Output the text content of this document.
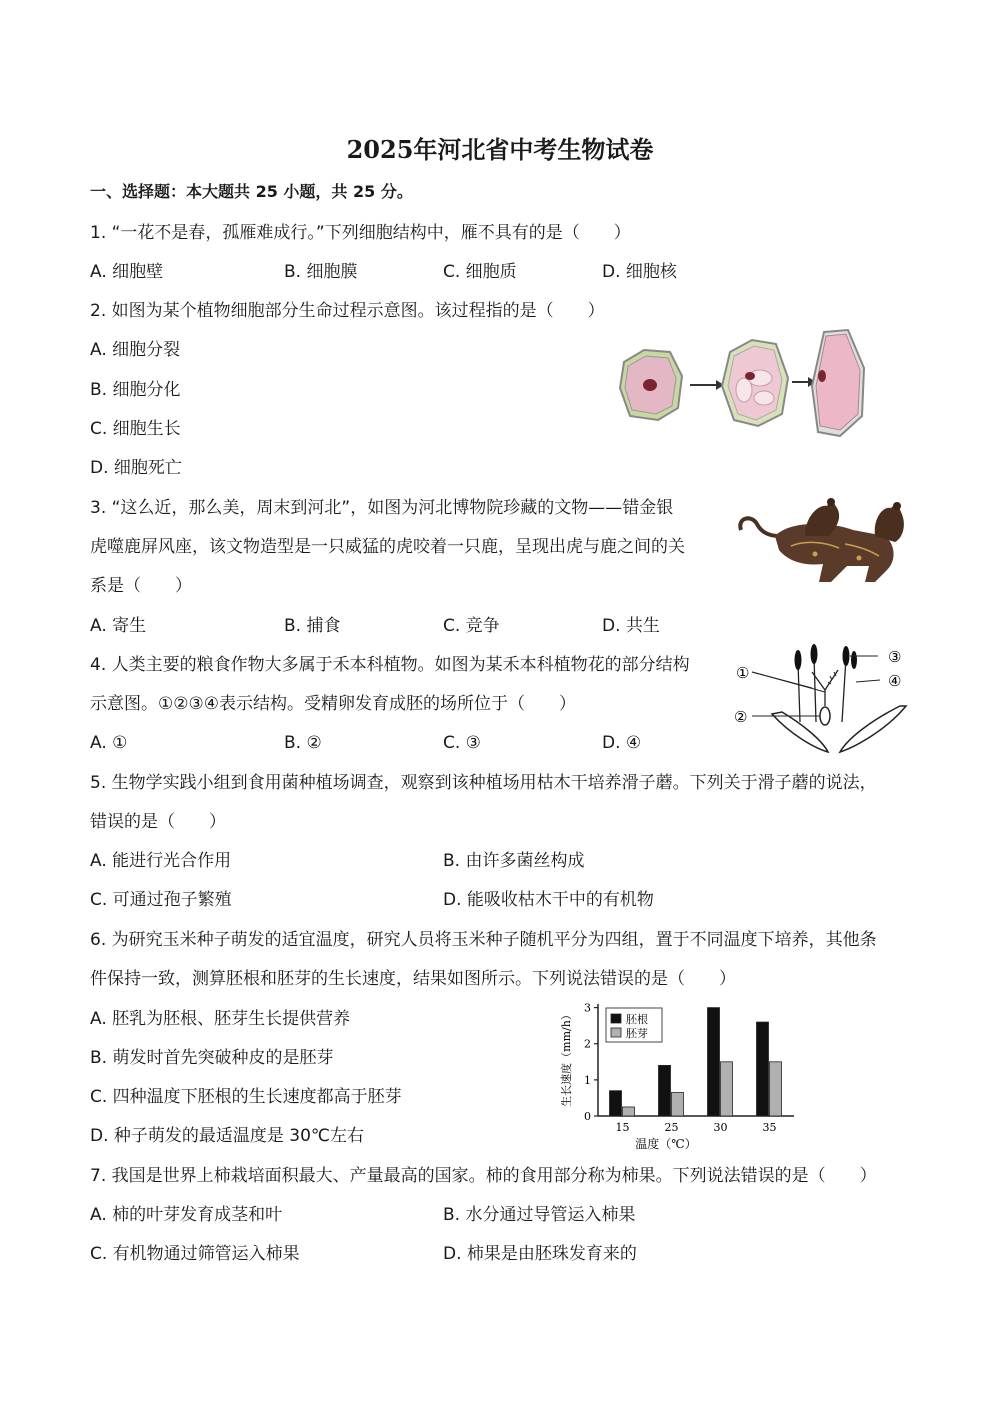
2025年河北省中考生物试卷
一、选择题：本大题共 25 小题，共 25 分。
1. “一花不是春，孤雁难成行。”下列细胞结构中，雁不具有的是（　　）
A. 细胞壁	B. 细胞膜	C. 细胞质	D. 细胞核
2. 如图为某个植物细胞部分生命过程示意图。该过程指的是（　　）
A. 细胞分裂
B. 细胞分化
C. 细胞生长
D. 细胞死亡
3. “这么近，那么美，周末到河北”，如图为河北博物院珍藏的文物——错金银
虎噬鹿屏风座，该文物造型是一只威猛的虎咬着一只鹿，呈现出虎与鹿之间的关
系是（　　）
A. 寄生	B. 捕食	C. 竞争	D. 共生
4. 人类主要的粮食作物大多属于禾本科植物。如图为某禾本科植物花的部分结构
示意图。①②③④表示结构。受精卵发育成胚的场所位于（　　）
A. ①	B. ②	C. ③	D. ④
①
②
③
④
5. 生物学实践小组到食用菌种植场调查，观察到该种植场用枯木干培养滑子蘑。下列关于滑子蘑的说法，
错误的是（　　）
A. 能进行光合作用	B. 由许多菌丝构成
C. 可通过孢子繁殖	D. 能吸收枯木干中的有机物
6. 为研究玉米种子萌发的适宜温度，研究人员将玉米种子随机平分为四组，置于不同温度下培养，其他条
件保持一致，测算胚根和胚芽的生长速度，结果如图所示。下列说法错误的是（　　）
A. 胚乳为胚根、胚芽生长提供营养
B. 萌发时首先突破种皮的是胚芽
C. 四种温度下胚根的生长速度都高于胚芽
D. 种子萌发的最适温度是 30℃左右
0
1
2
3
15	25	30	35
胚根
胚芽
温度（℃）
生长速度（mm/h）
7. 我国是世界上柿栽培面积最大、产量最高的国家。柿的食用部分称为柿果。下列说法错误的是（　　）
A. 柿的叶芽发育成茎和叶	B. 水分通过导管运入柿果
C. 有机物通过筛管运入柿果	D. 柿果是由胚珠发育来的
